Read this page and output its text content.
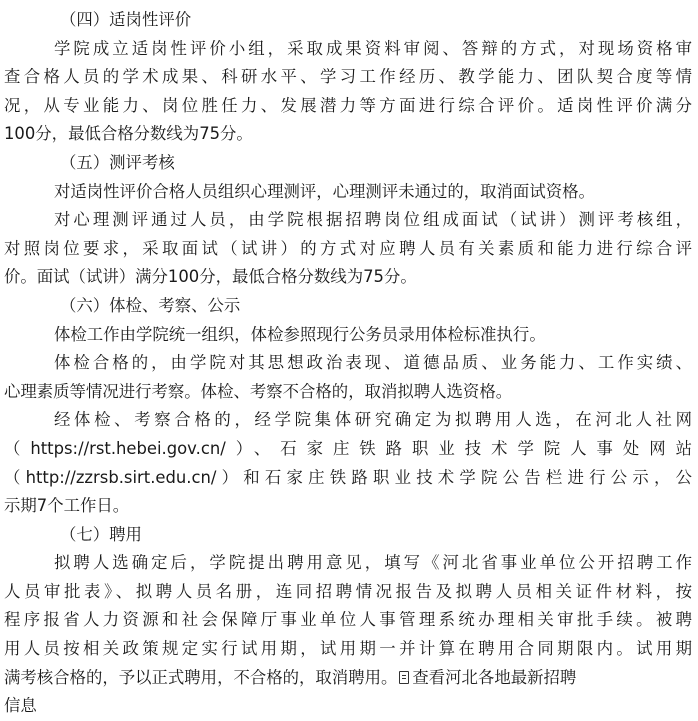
（四）适岗性评价
学院成立适岗性评价小组，采取成果资料审阅、答辩的方式，对现场资格审
查合格人员的学术成果、科研水平、学习工作经历、教学能力、团队契合度等情
况，从专业能力、岗位胜任力、发展潜力等方面进行综合评价。适岗性评价满分
100分，最低合格分数线为75分。
（五）测评考核
对适岗性评价合格人员组织心理测评，心理测评未通过的，取消面试资格。
对心理测评通过人员，由学院根据招聘岗位组成面试（试讲）测评考核组，
对照岗位要求，采取面试（试讲）的方式对应聘人员有关素质和能力进行综合评
价。面试（试讲）满分100分，最低合格分数线为75分。
（六）体检、考察、公示
体检工作由学院统一组织，体检参照现行公务员录用体检标准执行。
体检合格的，由学院对其思想政治表现、道德品质、业务能力、工作实绩、
心理素质等情况进行考察。体检、考察不合格的，取消拟聘人选资格。
经体检、考察合格的，经学院集体研究确定为拟聘用人选，在河北人社网
（https://rst.hebei.gov.cn/）、石家庄铁路职业技术学院人事处网站
（http://zzrsb.sirt.edu.cn/）和石家庄铁路职业技术学院公告栏进行公示，公
示期7个工作日。
（七）聘用
拟聘人选确定后，学院提出聘用意见，填写《河北省事业单位公开招聘工作
人员审批表》、拟聘人员名册，连同招聘情况报告及拟聘人员相关证件材料，按
程序报省人力资源和社会保障厅事业单位人事管理系统办理相关审批手续。被聘
用人员按相关政策规定实行试用期，试用期一并计算在聘用合同期限内。试用期
满考核合格的，予以正式聘用，不合格的，取消聘用。 查看河北各地最新招聘
信息
